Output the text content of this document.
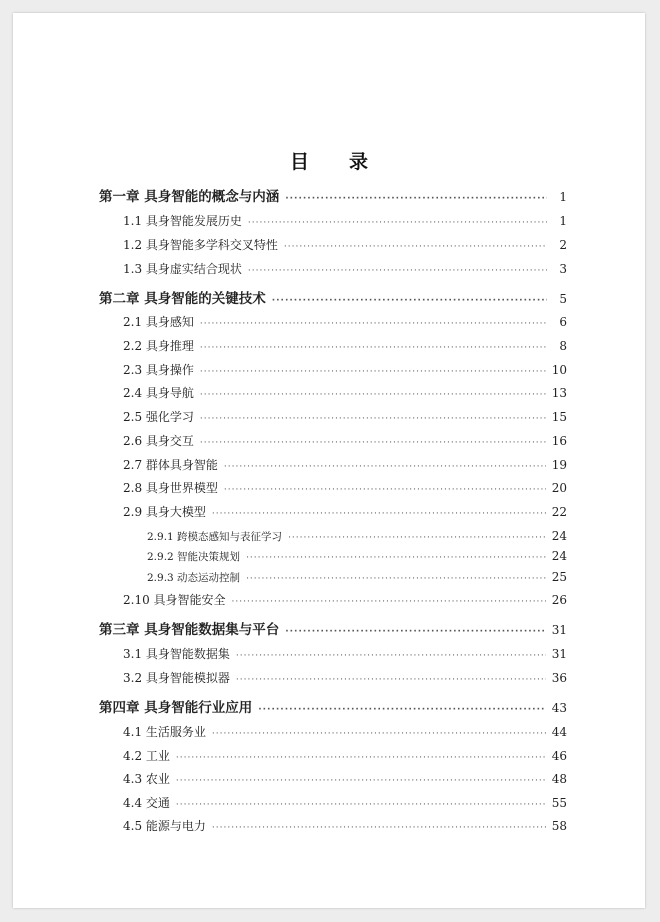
目 录
第一章 具身智能的概念与内涵 ·····	1
1.1 具身智能发展历史 ·····	1
1.2 具身智能多学科交叉特性 ·····	2
1.3 具身虚实结合现状 ·····	3
第二章 具身智能的关键技术 ·····	5
2.1 具身感知 ·····	6
2.2 具身推理 ·····	8
2.3 具身操作 ·····	10
2.4 具身导航 ·····	13
2.5 强化学习 ·····	15
2.6 具身交互 ·····	16
2.7 群体具身智能 ·····	19
2.8 具身世界模型 ·····	20
2.9 具身大模型 ·····	22
2.9.1 跨模态感知与表征学习 ·····	24
2.9.2 智能决策规划 ·····	24
2.9.3 动态运动控制 ·····	25
2.10 具身智能安全 ·····	26
第三章 具身智能数据集与平台 ·····	31
3.1 具身智能数据集 ·····	31
3.2 具身智能模拟器 ·····	36
第四章 具身智能行业应用 ·····	43
4.1 生活服务业 ·····	44
4.2 工业 ·····	46
4.3 农业 ·····	48
4.4 交通 ·····	55
4.5 能源与电力 ·····	58
